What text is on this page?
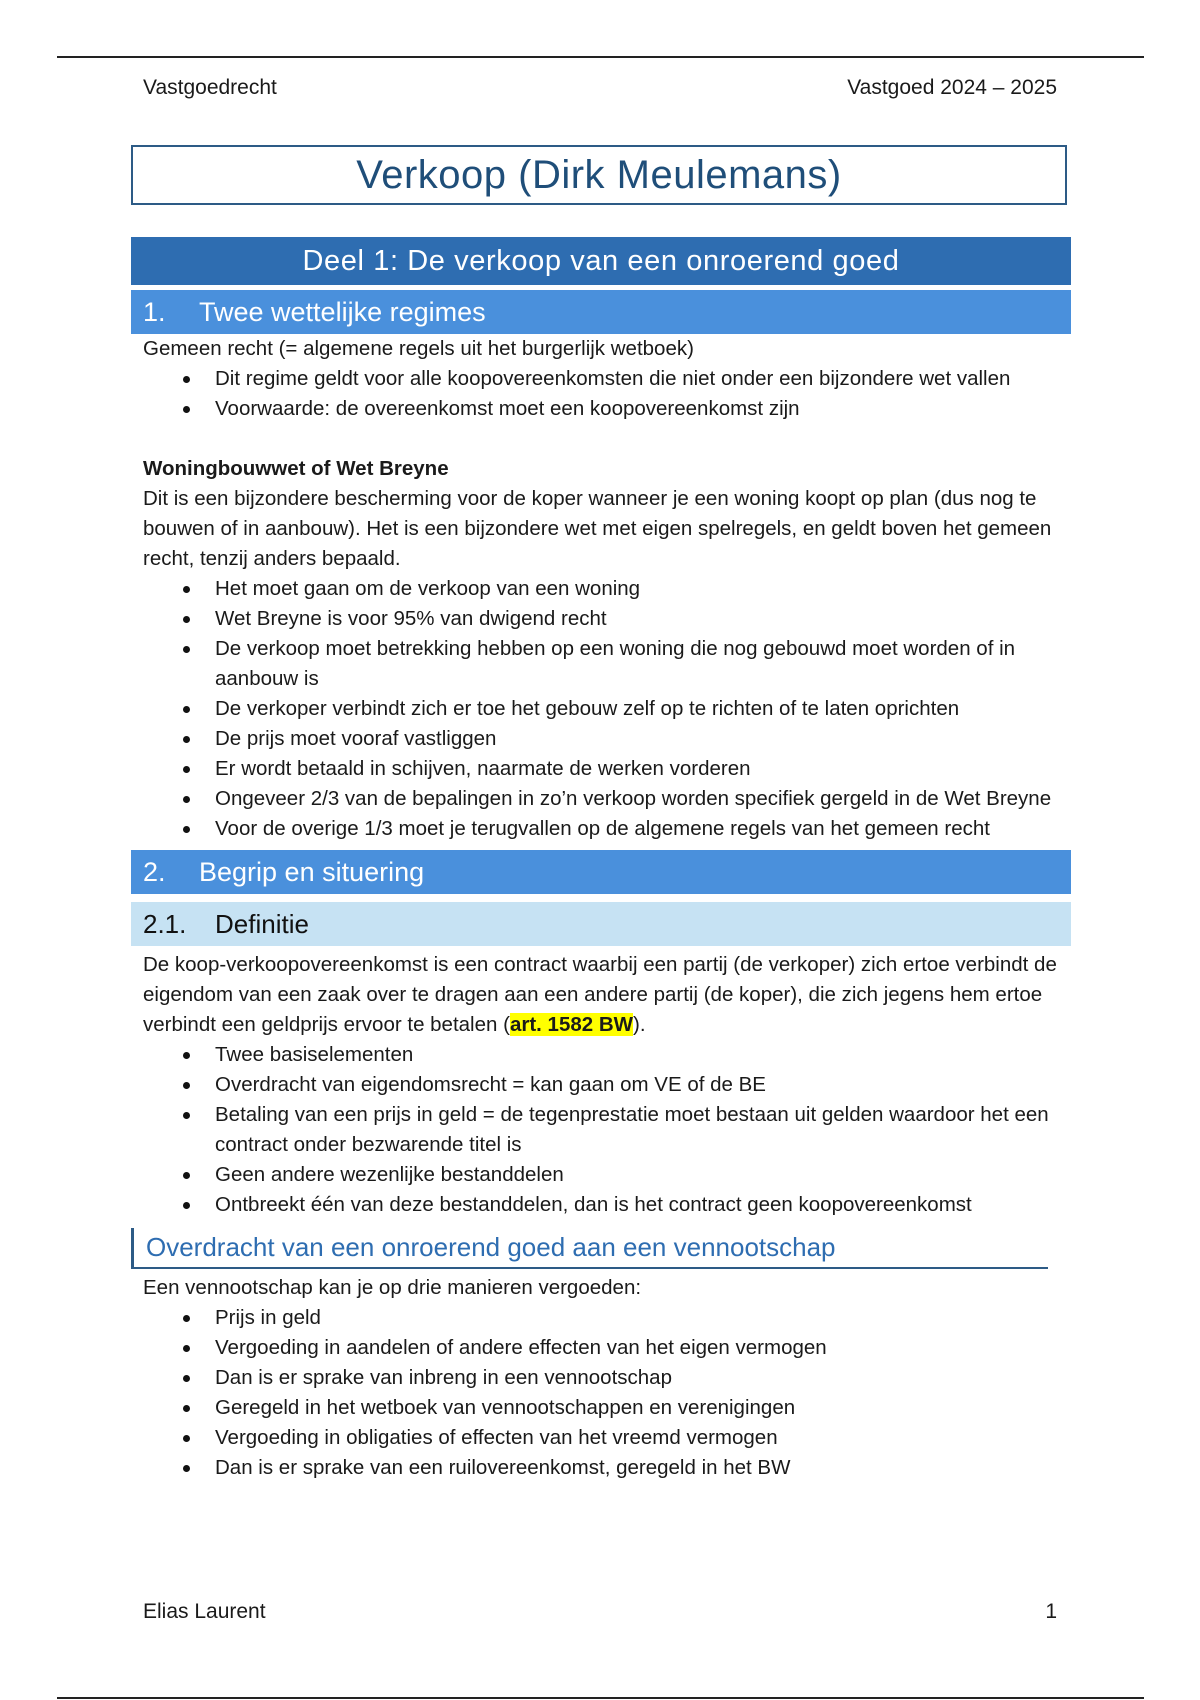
Vastgoedrecht	Vastgoed 2024 – 2025
Verkoop (Dirk Meulemans)
Deel 1: De verkoop van een onroerend goed
1.	Twee wettelijke regimes

Gemeen recht (= algemene regels uit het burgerlijk wetboek)

Dit regime geldt voor alle koopovereenkomsten die niet onder een bijzondere wet vallen
Voorwaarde: de overeenkomst moet een koopovereenkomst zijn

Woningbouwwet of Wet Breyne

Dit is een bijzondere bescherming voor de koper wanneer je een woning koopt op plan (dus nog te bouwen of in aanbouw). Het is een bijzondere wet met eigen spelregels, en geldt boven het gemeen recht, tenzij anders bepaald.

Het moet gaan om de verkoop van een woning
Wet Breyne is voor 95% van dwigend recht
De verkoop moet betrekking hebben op een woning die nog gebouwd moet worden of in aanbouw is
De verkoper verbindt zich er toe het gebouw zelf op te richten of te laten oprichten
De prijs moet vooraf vastliggen
Er wordt betaald in schijven, naarmate de werken vorderen
Ongeveer 2/3 van de bepalingen in zo’n verkoop worden specifiek gergeld in de Wet Breyne
Voor de overige 1/3 moet je terugvallen op de algemene regels van het gemeen recht
2.	Begrip en situering
2.1.	Definitie

De koop-verkoopovereenkomst is een contract waarbij een partij (de verkoper) zich ertoe verbindt de eigendom van een zaak over te dragen aan een andere partij (de koper), die zich jegens hem ertoe verbindt een geldprijs ervoor te betalen (art. 1582 BW).

Twee basiselementen
Overdracht van eigendomsrecht = kan gaan om VE of de BE
Betaling van een prijs in geld = de tegenprestatie moet bestaan uit gelden waardoor het een contract onder bezwarende titel is
Geen andere wezenlijke bestanddelen
Ontbreekt één van deze bestanddelen, dan is het contract geen koopovereenkomst
Overdracht van een onroerend goed aan een vennootschap

Een vennootschap kan je op drie manieren vergoeden:

Prijs in geld
Vergoeding in aandelen of andere effecten van het eigen vermogen
Dan is er sprake van inbreng in een vennootschap
Geregeld in het wetboek van vennootschappen en verenigingen
Vergoeding in obligaties of effecten van het vreemd vermogen
Dan is er sprake van een ruilovereenkomst, geregeld in het BW
Elias Laurent	1
